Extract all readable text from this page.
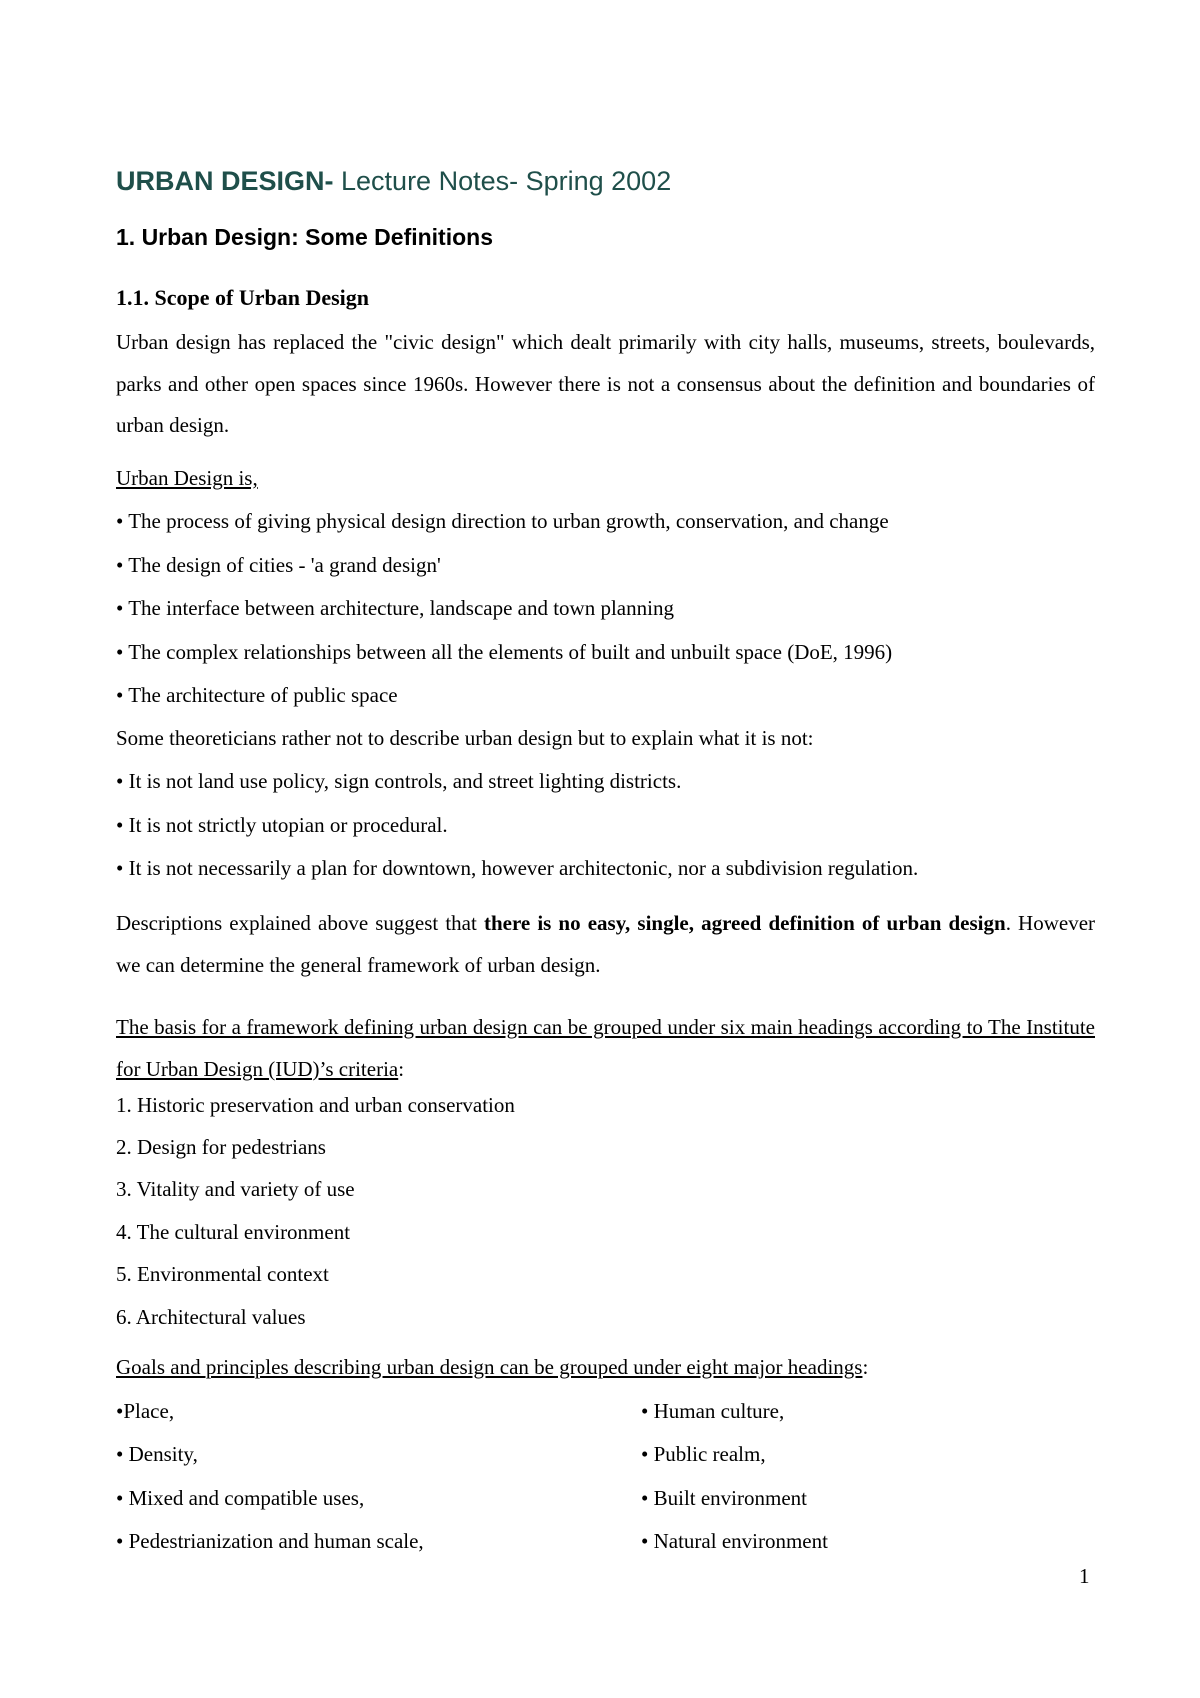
URBAN DESIGN- Lecture Notes- Spring 2002
1. Urban Design: Some Definitions
1.1. Scope of Urban Design

Urban design has replaced the "civic design" which dealt primarily with city halls, museums, streets, boulevards, parks and other open spaces since 1960s. However there is not a consensus about the definition and boundaries of urban design.

Urban Design is,
• The process of giving physical design direction to urban growth, conservation, and change
• The design of cities - 'a grand design'
• The interface between architecture, landscape and town planning
• The complex relationships between all the elements of built and unbuilt space (DoE, 1996)
• The architecture of public space
Some theoreticians rather not to describe urban design but to explain what it is not:
• It is not land use policy, sign controls, and street lighting districts.
• It is not strictly utopian or procedural.
• It is not necessarily a plan for downtown, however architectonic, nor a subdivision regulation.

Descriptions explained above suggest that there is no easy, single, agreed definition of urban design. However we can determine the general framework of urban design.

The basis for a framework defining urban design can be grouped under six main headings according to The Institute for Urban Design (IUD)’s criteria:

1. Historic preservation and urban conservation
2. Design for pedestrians
3. Vitality and variety of use
4. The cultural environment
5. Environmental context
6. Architectural values
Goals and principles describing urban design can be grouped under eight major headings:
•Place,	• Human culture,
• Density,	• Public realm,
• Mixed and compatible uses,	• Built environment
• Pedestrianization and human scale,	• Natural environment
1
